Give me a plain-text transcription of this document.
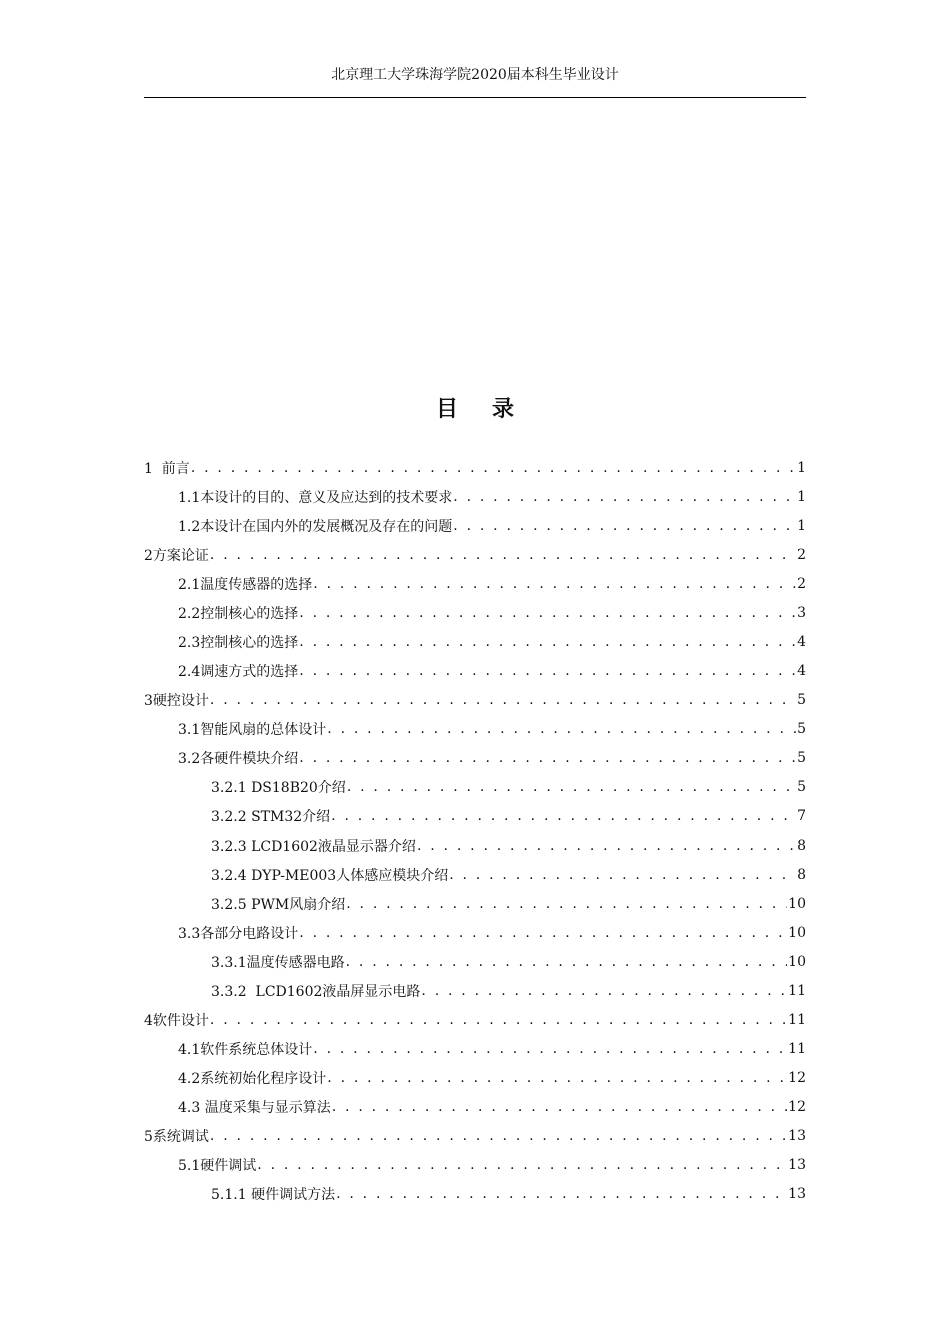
北京理工大学珠海学院2020届本科生毕业设计
目 录
1  前言 . . .	1
1.1本设计的目的、意义及应达到的技术要求 . . .	1
1.2本设计在国内外的发展概况及存在的问题 . . .	1
2方案论证 . . .	2
2.1温度传感器的选择 . . .	2
2.2控制核心的选择 . . .	3
2.3控制核心的选择 . . .	4
2.4调速方式的选择 . . .	4
3硬控设计 . . .	5
3.1智能风扇的总体设计 . . .	5
3.2各硬件模块介绍 . . .	5
3.2.1 DS18B20介绍 . . .	5
3.2.2 STM32介绍 . . .	7
3.2.3 LCD1602液晶显示器介绍 . . .	8
3.2.4 DYP-ME003人体感应模块介绍 . . .	8
3.2.5 PWM风扇介绍 . . .	10
3.3各部分电路设计 . . .	10
3.3.1温度传感器电路 . . .	10
3.3.2  LCD1602液晶屏显示电路 . . .	11
4软件设计 . . .	11
4.1软件系统总体设计 . . .	11
4.2系统初始化程序设计 . . .	12
4.3 温度采集与显示算法 . . .	12
5系统调试 . . .	13
5.1硬件调试 . . .	13
5.1.1 硬件调试方法 . . .	13
